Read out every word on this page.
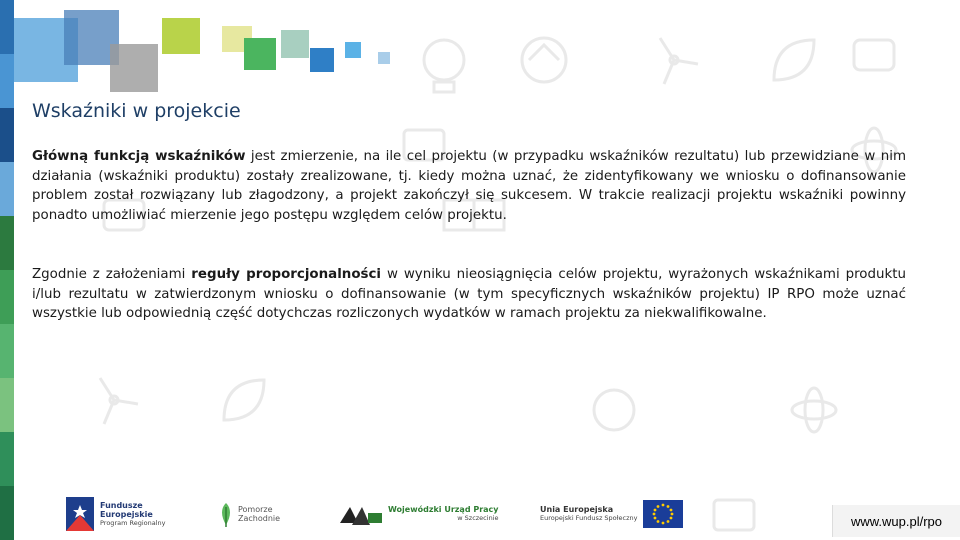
Wskaźniki w projekcie
Główną funkcją wskaźników jest zmierzenie, na ile cel projektu (w przypadku wskaźników rezultatu) lub przewidziane w nim działania (wskaźniki produktu) zostały zrealizowane, tj. kiedy można uznać, że zidentyfikowany we wniosku o dofinansowanie problem został rozwiązany lub złagodzony, a projekt zakończył się sukcesem. W trakcie realizacji projektu wskaźniki powinny ponadto umożliwiać mierzenie jego postępu względem celów projektu.
Zgodnie z założeniami reguły proporcjonalności w wyniku nieosiągnięcia celów projektu, wyrażonych wskaźnikami produktu i/lub rezultatu w zatwierdzonym wniosku o dofinansowanie (w tym specyficznych wskaźników projektu) IP RPO może uznać wszystkie lub odpowiednią część dotychczas rozliczonych wydatków w ramach projektu za niekwalifikowalne.
Fundusze
Europejskie
Program Regionalny
Pomorze
Zachodnie
Wojewódzki Urząd Pracy
w Szczecinie
Unia Europejska
Europejski Fundusz Społeczny	www.wup.pl/rpo
